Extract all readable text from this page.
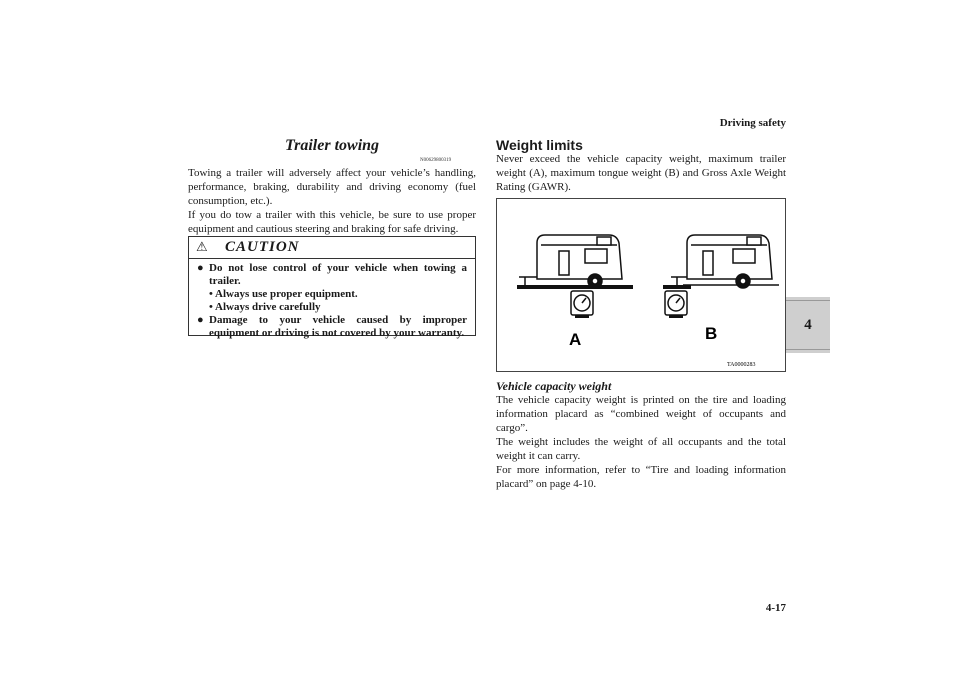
Driving safety
4-17
4
Trailer towing
N00629800319
Towing a trailer will adversely affect your vehicle’s handling, performance, braking, durability and driving economy (fuel consumption, etc.).
If you do tow a trailer with this vehicle, be sure to use proper equipment and cautious steering and braking for safe driving.
⚠ CAUTION
● Do not lose control of your vehicle when towing a trailer.
• Always use proper equipment.
• Always drive carefully
● Damage to your vehicle caused by improper equipment or driving is not covered by your warranty.
Weight limits
Never exceed the vehicle capacity weight, maximum trailer weight (A), maximum tongue weight (B) and Gross Axle Weight Rating (GAWR).
A	B
TA0000283
Vehicle capacity weight
The vehicle capacity weight is printed on the tire and loading information placard as “combined weight of occupants and cargo”.
The weight includes the weight of all occupants and the total weight it can carry.
For more information, refer to “Tire and loading information placard” on page 4-10.
